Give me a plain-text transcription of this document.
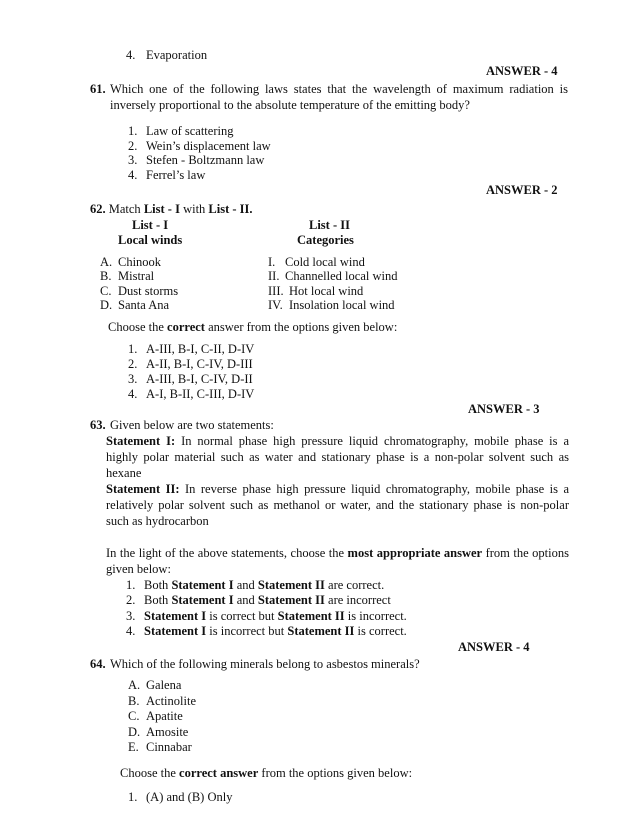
4. Evaporation
ANSWER - 4
61. Which one of the following laws states that the wavelength of maximum radiation is inversely proportional to the absolute temperature of the emitting body?
1. Law of scattering
2. Wein’s displacement law
3. Stefen - Boltzmann law
4. Ferrel’s law
ANSWER - 2
62. Match List - I with List - II.
List - I
Local winds
List - II
Categories
A. Chinook
B. Mistral
C. Dust storms
D. Santa Ana
I. Cold local wind
II. Channelled local wind
III. Hot local wind
IV. Insolation local wind
Choose the correct answer from the options given below:
1. A-III, B-I, C-II, D-IV
2. A-II, B-I, C-IV, D-III
3. A-III, B-I, C-IV, D-II
4. A-I, B-II, C-III, D-IV
ANSWER - 3
63. Given below are two statements:
Statement I: In normal phase high pressure liquid chromatography, mobile phase is a highly polar material such as water and stationary phase is a non-polar solvent such as hexane
Statement II: In reverse phase high pressure liquid chromatography, mobile phase is a relatively polar solvent such as methanol or water, and the stationary phase is non-polar such as hydrocarbon
In the light of the above statements, choose the most appropriate answer from the options given below:
1. Both Statement I and Statement II are correct.
2. Both Statement I and Statement II are incorrect
3. Statement I is correct but Statement II is incorrect.
4. Statement I is incorrect but Statement II is correct.
ANSWER - 4
64. Which of the following minerals belong to asbestos minerals?
A. Galena
B. Actinolite
C. Apatite
D. Amosite
E. Cinnabar
Choose the correct answer from the options given below:
1. (A) and (B) Only
